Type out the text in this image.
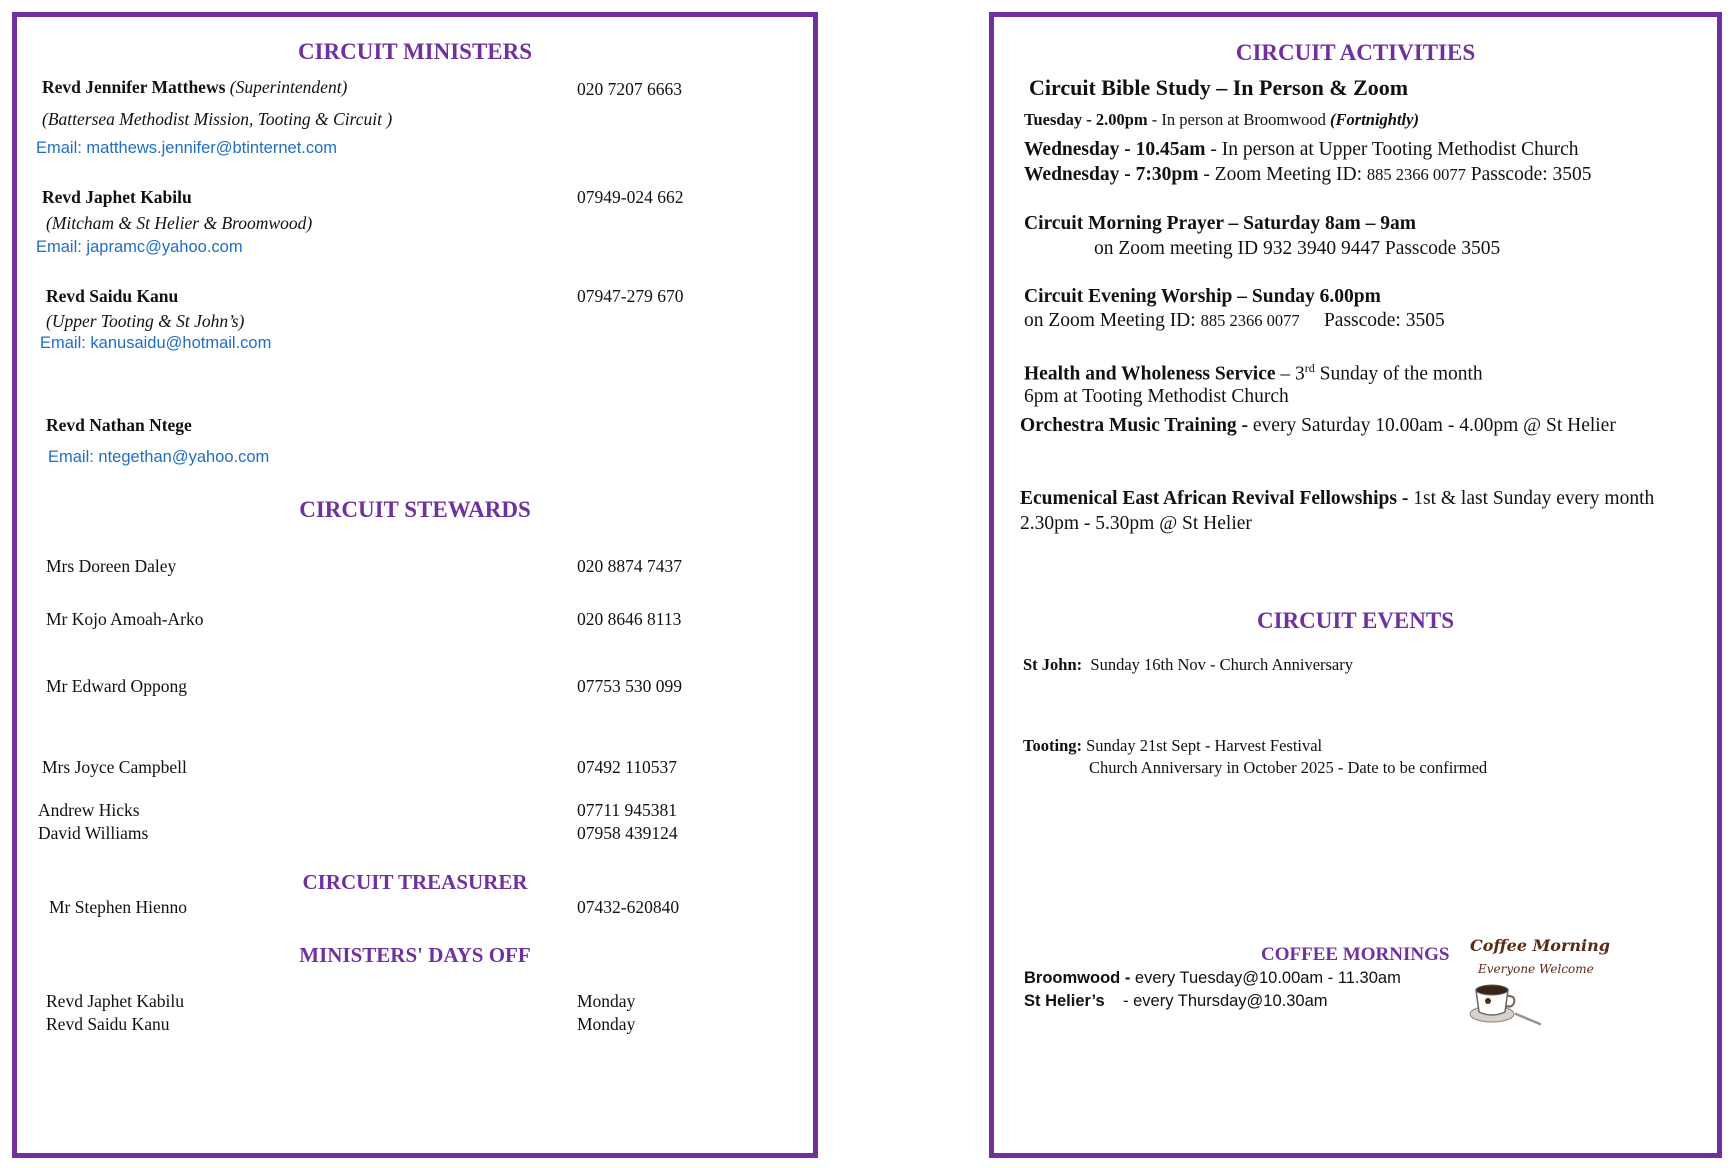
CIRCUIT MINISTERS
Revd Jennifer Matthews (Superintendent)	020 7207 6663
(Battersea Methodist Mission, Tooting & Circuit )
Email: matthews.jennifer@btinternet.com
Revd Japhet Kabilu	07949-024 662
(Mitcham & St Helier & Broomwood)
Email: japramc@yahoo.com
Revd Saidu Kanu	07947-279 670
(Upper Tooting & St John’s)
Email: kanusaidu@hotmail.com
Revd Nathan Ntege
Email: ntegethan@yahoo.com
CIRCUIT STEWARDS
Mrs Doreen Daley	020 8874 7437
Mr Kojo Amoah-Arko	020 8646 8113
Mr Edward Oppong	07753 530 099
Mrs Joyce Campbell	07492 110537
Andrew Hicks	07711 945381
David Williams	07958 439124
CIRCUIT TREASURER
Mr Stephen Hienno	07432-620840
MINISTERS' DAYS OFF
Revd Japhet Kabilu	Monday
Revd Saidu Kanu	Monday
CIRCUIT ACTIVITIES
Circuit Bible Study – In Person & Zoom
Tuesday - 2.00pm - In person at Broomwood (Fortnightly)
Wednesday - 10.45am - In person at Upper Tooting Methodist Church
Wednesday - 7:30pm - Zoom Meeting ID: 885 2366 0077 Passcode: 3505
Circuit Morning Prayer – Saturday 8am – 9am
on Zoom meeting ID 932 3940 9447 Passcode 3505
Circuit Evening Worship – Sunday 6.00pm
on Zoom Meeting ID: 885 2366 0077     Passcode: 3505
Health and Wholeness Service – 3rd Sunday of the month
6pm at Tooting Methodist Church
Orchestra Music Training - every Saturday 10.00am - 4.00pm @ St Helier
Ecumenical East African Revival Fellowships - 1st & last Sunday every month
2.30pm - 5.30pm @ St Helier
CIRCUIT EVENTS
St John:  Sunday 16th Nov - Church Anniversary
Tooting: Sunday 21st Sept - Harvest Festival
Church Anniversary in October 2025 - Date to be confirmed
COFFEE MORNINGS
Broomwood - every Tuesday@10.00am - 11.30am
St Helier’s    - every Thursday@10.30am
Coffee Morning
Everyone Welcome
